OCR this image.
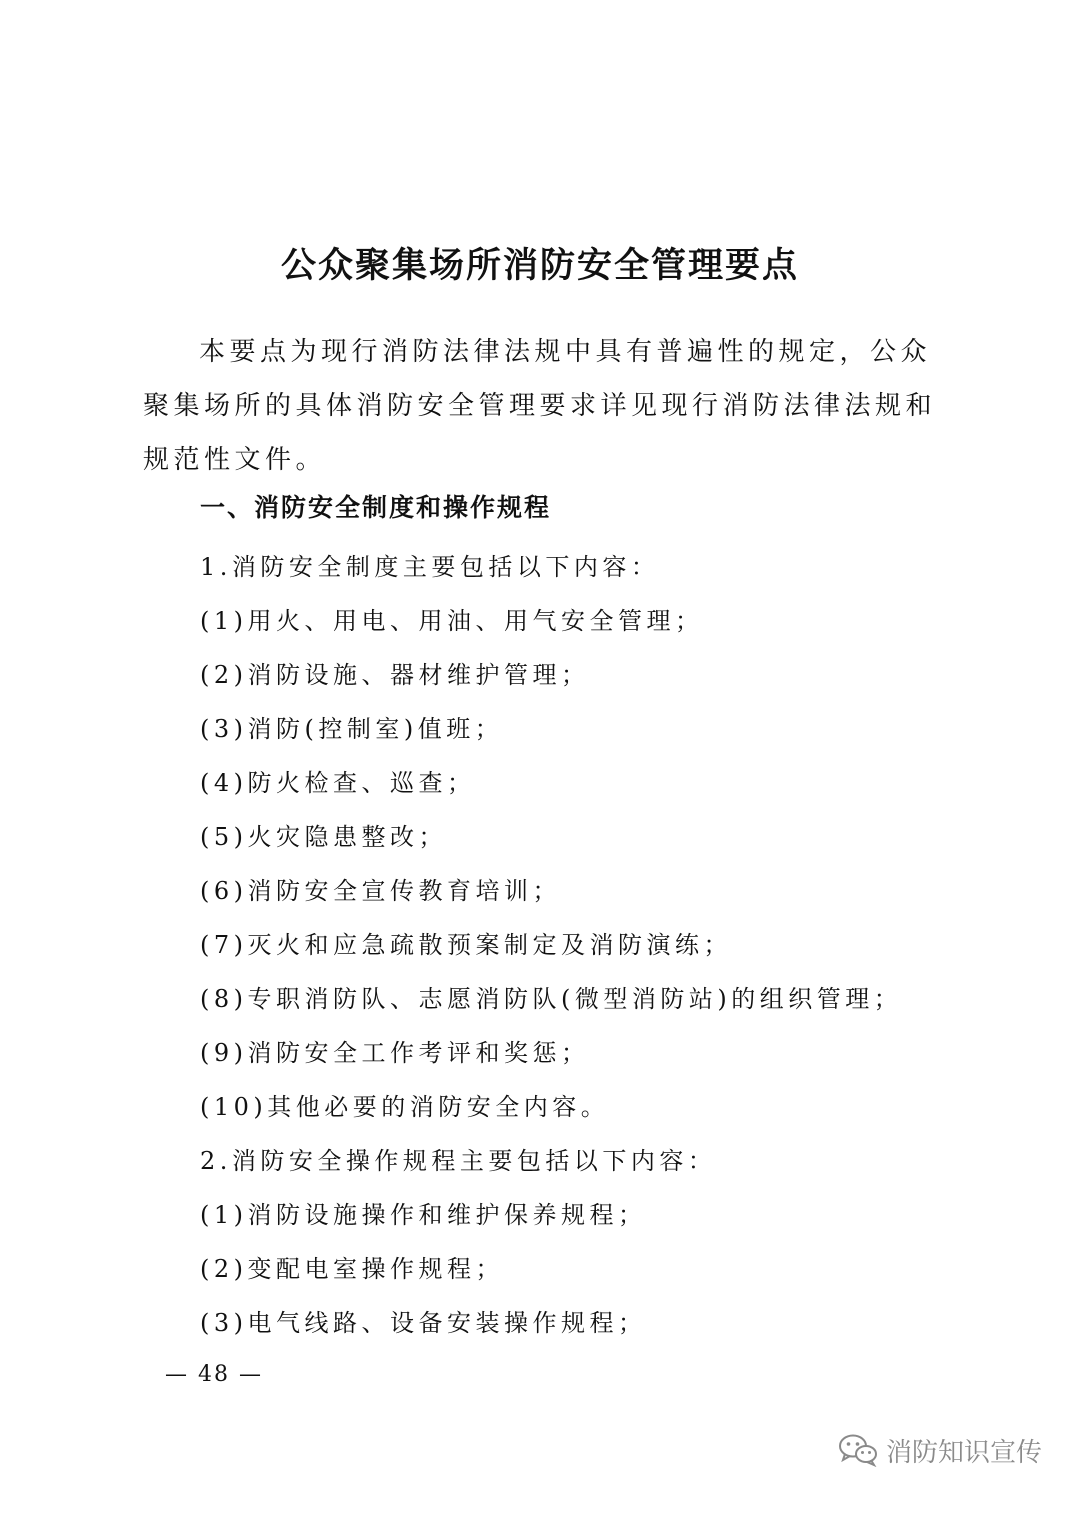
公众聚集场所消防安全管理要点
本要点为现行消防法律法规中具有普遍性的规定，公众聚集场所的具体消防安全管理要求详见现行消防法律法规和规范性文件。
一、消防安全制度和操作规程
1.消防安全制度主要包括以下内容：
(1)用火、用电、用油、用气安全管理；
(2)消防设施、器材维护管理；
(3)消防(控制室)值班；
(4)防火检查、巡查；
(5)火灾隐患整改；
(6)消防安全宣传教育培训；
(7)灭火和应急疏散预案制定及消防演练；
(8)专职消防队、志愿消防队(微型消防站)的组织管理；
(9)消防安全工作考评和奖惩；
(10)其他必要的消防安全内容。
2.消防安全操作规程主要包括以下内容：
(1)消防设施操作和维护保养规程；
(2)变配电室操作规程；
(3)电气线路、设备安装操作规程；
— 48 —
消防知识宣传
